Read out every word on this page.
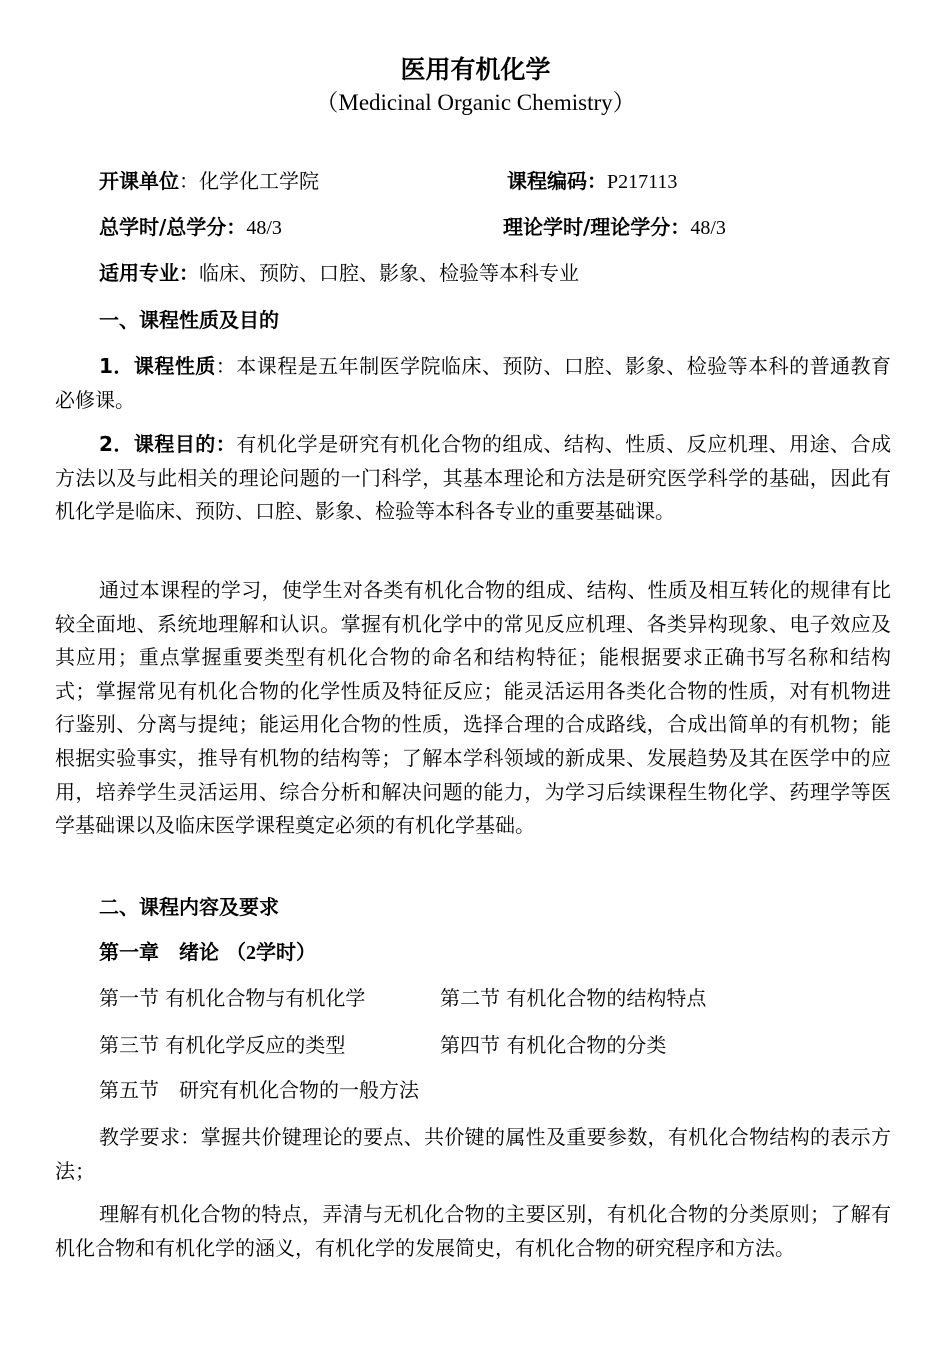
医用有机化学
（Medicinal Organic Chemistry）
开课单位：化学化工学院	课程编码：P217113
总学时/总学分：48/3	理论学时/理论学分：48/3
适用专业：临床、预防、口腔、影象、检验等本科专业
一、课程性质及目的
1．课程性质：本课程是五年制医学院临床、预防、口腔、影象、检验等本科的普通教育必修课。
2．课程目的：有机化学是研究有机化合物的组成、结构、性质、反应机理、用途、合成方法以及与此相关的理论问题的一门科学，其基本理论和方法是研究医学科学的基础，因此有机化学是临床、预防、口腔、影象、检验等本科各专业的重要基础课。
通过本课程的学习，使学生对各类有机化合物的组成、结构、性质及相互转化的规律有比较全面地、系统地理解和认识。掌握有机化学中的常见反应机理、各类异构现象、电子效应及其应用；重点掌握重要类型有机化合物的命名和结构特征；能根据要求正确书写名称和结构式；掌握常见有机化合物的化学性质及特征反应；能灵活运用各类化合物的性质，对有机物进行鉴别、分离与提纯；能运用化合物的性质，选择合理的合成路线，合成出简单的有机物；能根据实验事实，推导有机物的结构等；了解本学科领域的新成果、发展趋势及其在医学中的应用，培养学生灵活运用、综合分析和解决问题的能力，为学习后续课程生物化学、药理学等医学基础课以及临床医学课程奠定必须的有机化学基础。
二、课程内容及要求
第一章　绪论 （2学时）
第一节 有机化合物与有机化学	第二节 有机化合物的结构特点
第三节 有机化学反应的类型	第四节 有机化合物的分类
第五节　研究有机化合物的一般方法
教学要求：掌握共价键理论的要点、共价键的属性及重要参数，有机化合物结构的表示方法；
理解有机化合物的特点，弄清与无机化合物的主要区别，有机化合物的分类原则；了解有机化合物和有机化学的涵义，有机化学的发展简史，有机化合物的研究程序和方法。
